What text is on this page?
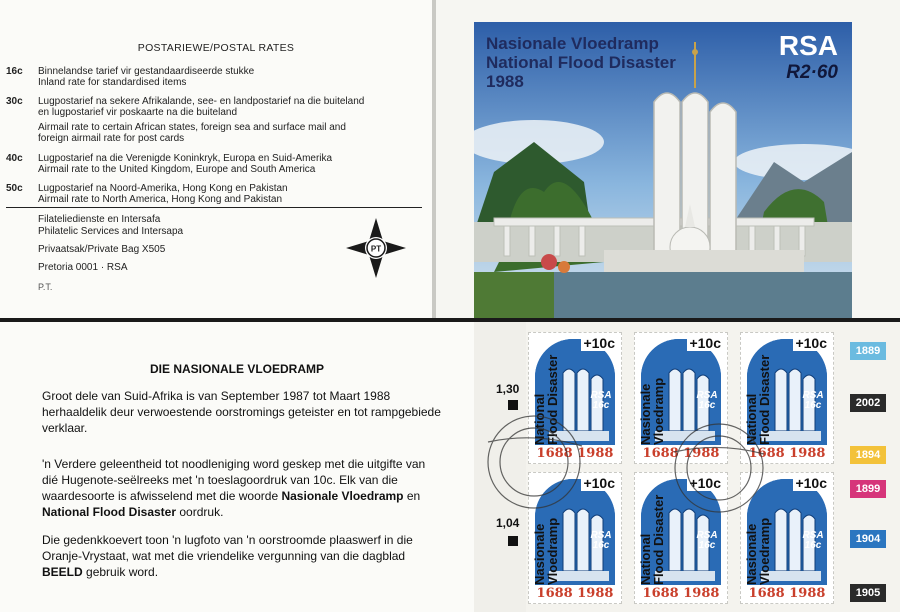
POSTARIEWE/POSTAL RATES
16c	Binnelandse tarief vir gestandaardiseerde stukke
Inland rate for standardised items
30c	Lugpostarief na sekere Afrikalande, see- en landpostarief na die buiteland
en lugpostarief vir poskaarte na die buiteland
Airmail rate to certain African states, foreign sea and surface mail and
foreign airmail rate for post cards
40c	Lugpostarief na die Verenigde Koninkryk, Europa en Suid-Amerika
Airmail rate to the United Kingdom, Europe and South America
50c	Lugpostarief na Noord-Amerika, Hong Kong en Pakistan
Airmail rate to North America, Hong Kong and Pakistan
Filateliedienste en Intersafa
Philatelic Services and Intersapa
Privaatsak/Private Bag X505
Pretoria 0001 · RSA
P.T.
PT
Nasionale Vloedramp
National Flood Disaster
1988
RSA
R2·60
DIE NASIONALE VLOEDRAMP
Groot dele van Suid-Afrika is van September 1987 tot Maart 1988 herhaaldelik deur verwoestende oorstromings geteister en tot rampgebiede verklaar.
'n Verdere geleentheid tot noodleniging word geskep met die uitgifte van dié Hugenote-seëlreeks met 'n toeslagoordruk van 10c. Elk van die waardesoorte is afwisselend met die woorde Nasionale Vloedramp en National Flood Disaster oordruk.
Die gedenkkoevert toon 'n lugfoto van 'n oorstroomde plaaswerf in die Oranje-Vrystaat, wat met die vriendelike vergunning van die dagblad BEELD gebruik word.
1,30
1,04
RSA 16c
+10c
National
Flood Disaster
1688 1988
RSA 16c
+10c
Nasionale
Vloedramp
1688 1988
RSA 16c
+10c
National
Flood Disaster
1688 1988
RSA 16c
+10c
Nasionale
Vloedramp
1688 1988
RSA 16c
+10c
National
Flood Disaster
1688 1988
RSA 16c
+10c
Nasionale
Vloedramp
1688 1988
1889
2002
1894
1899
1904
1905
